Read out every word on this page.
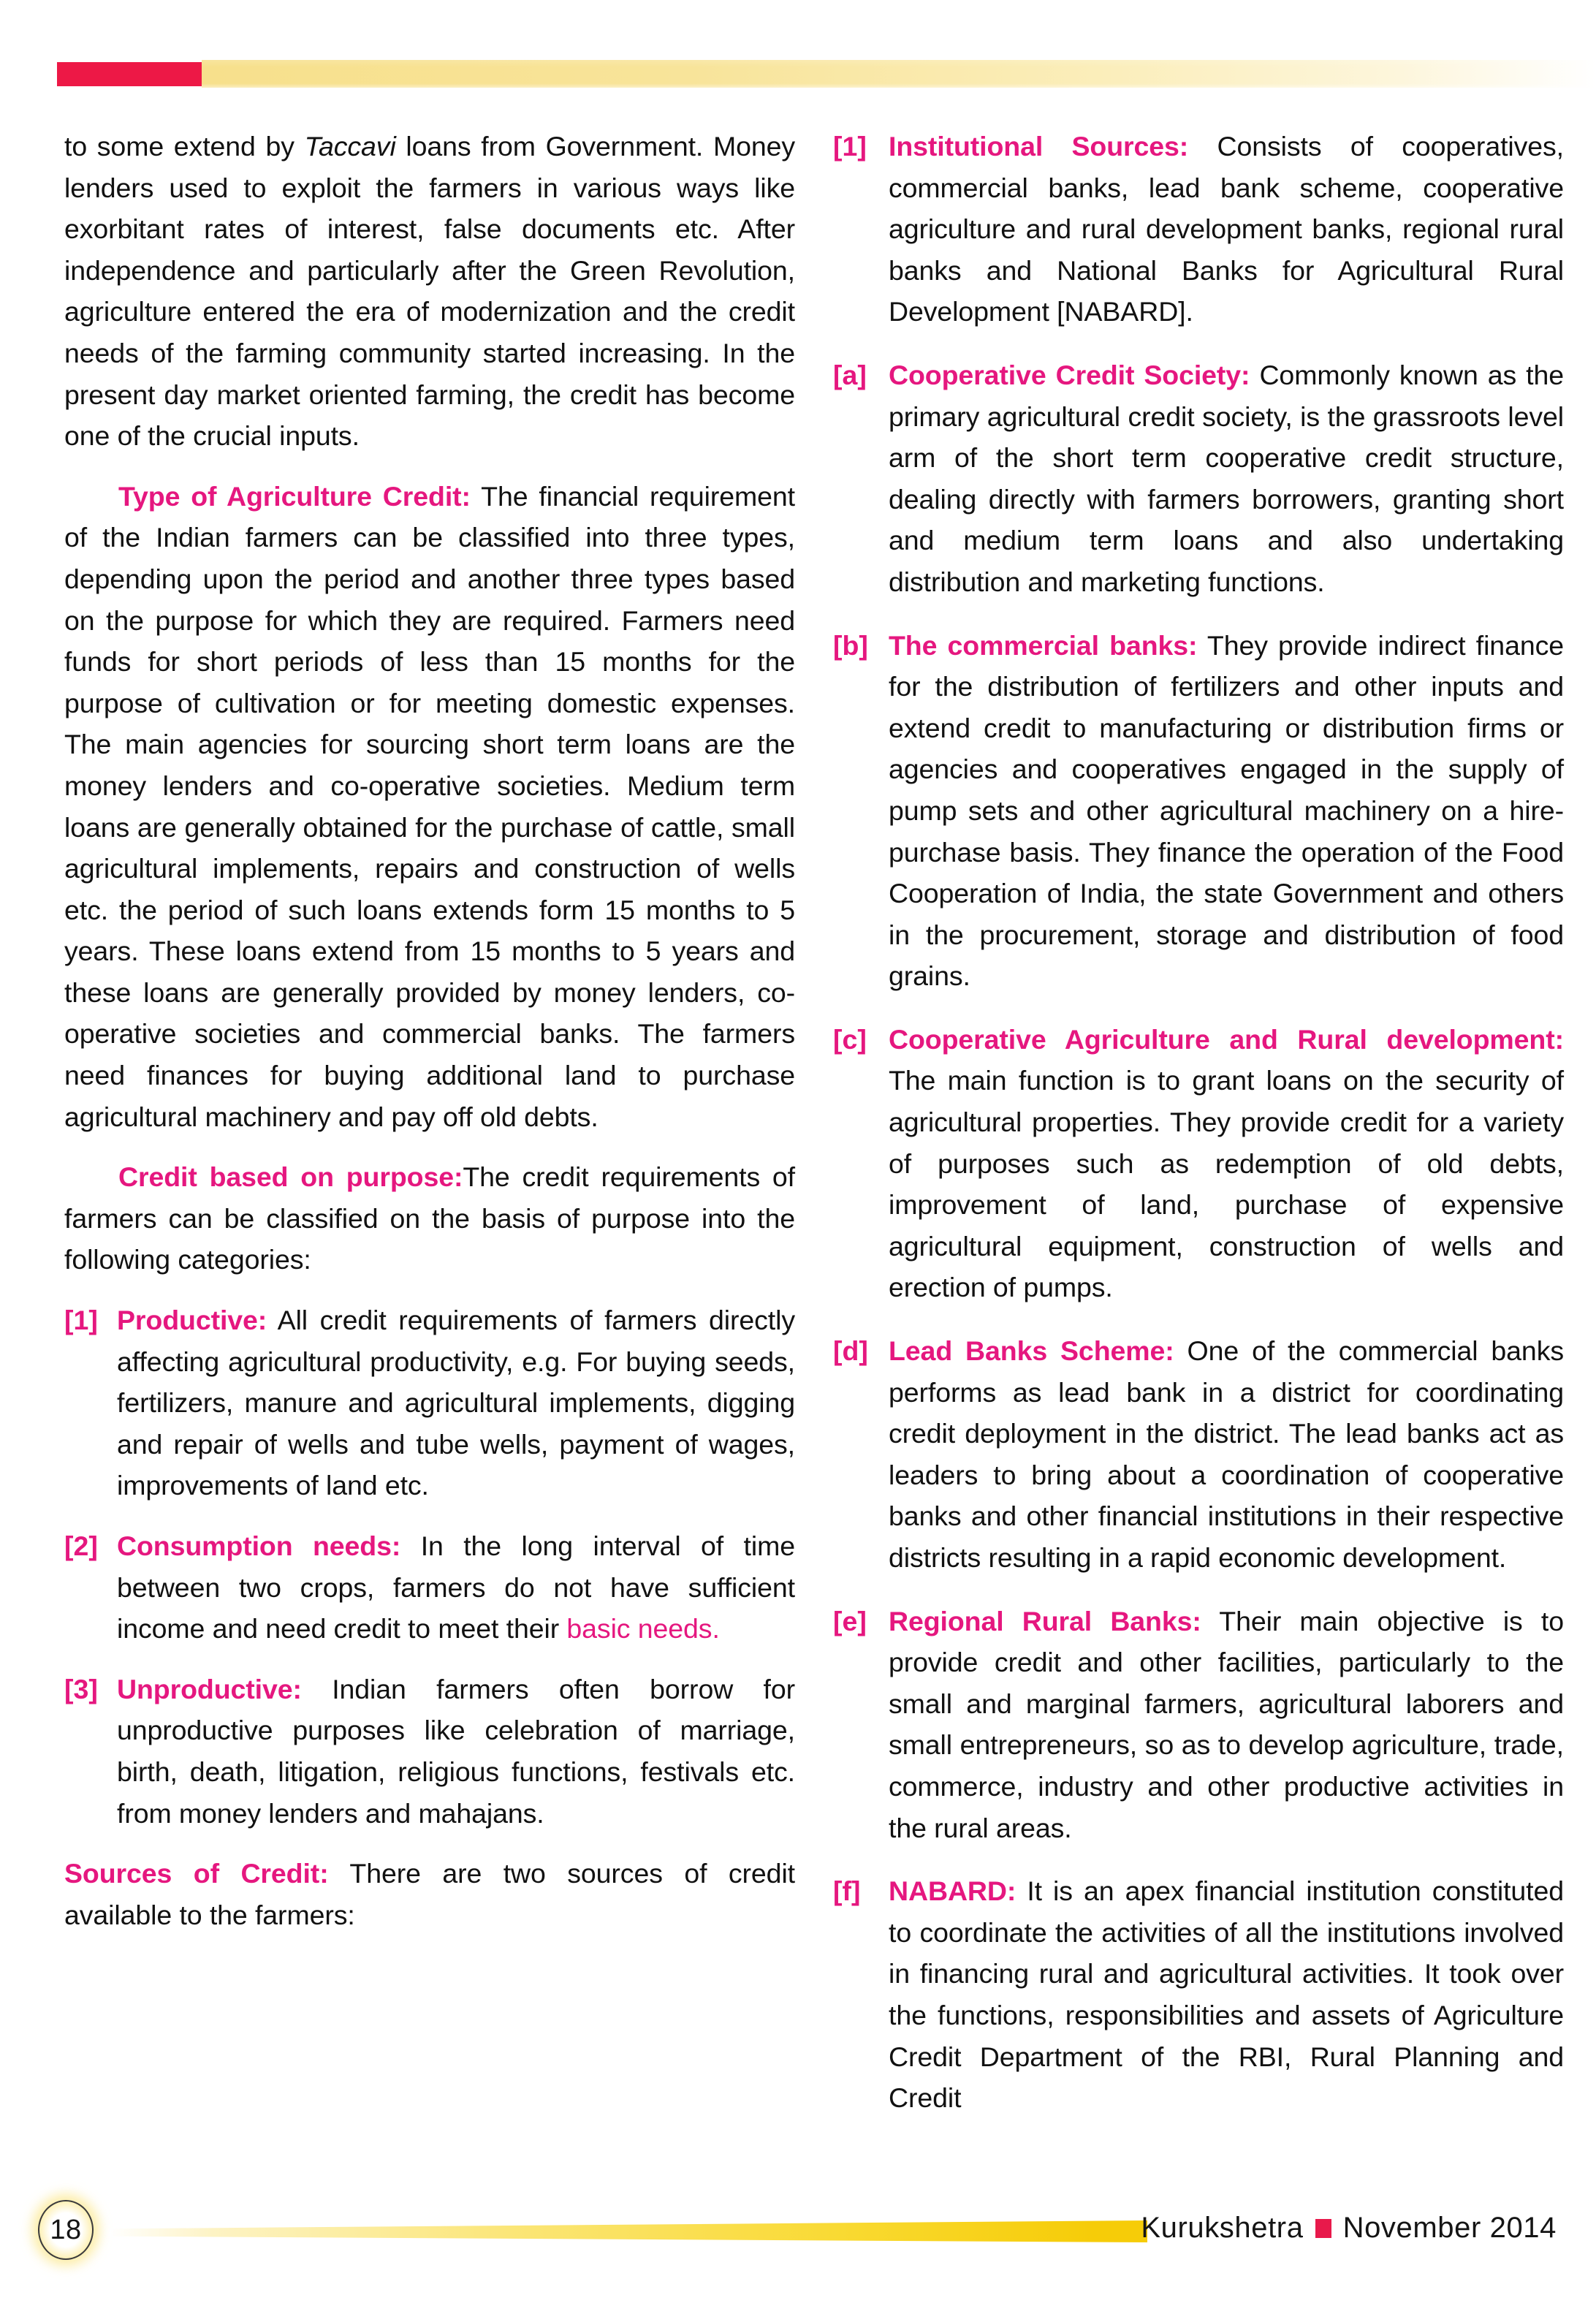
to some extend by Taccavi loans from Government. Money lenders used to exploit the farmers in various ways like exorbitant rates of interest, false documents etc. After independence and particularly after the Green Revolution, agriculture entered the era of modernization and the credit needs of the farming community started increasing. In the present day market oriented farming, the credit has become one of the crucial inputs.

Type of Agriculture Credit: The financial requirement of the Indian farmers can be classified into three types, depending upon the period and another three types based on the purpose for which they are required. Farmers need funds for short periods of less than 15 months for the purpose of cultivation or for meeting domestic expenses. The main agencies for sourcing short term loans are the money lenders and co-operative societies. Medium term loans are generally obtained for the purchase of cattle, small agricultural implements, repairs and construction of wells etc. the period of such loans extends form 15 months to 5 years. These loans extend from 15 months to 5 years and these loans are generally provided by money lenders, co-operative societies and commercial banks. The farmers need finances for buying additional land to purchase agricultural machinery and pay off old debts.

Credit based on purpose:The credit requirements of farmers can be classified on the basis of purpose into the following categories:

[1] Productive: All credit requirements of farmers directly affecting agricultural productivity, e.g. For buying seeds, fertilizers, manure and agricultural implements, digging and repair of wells and tube wells, payment of wages, improvements of land etc.
[2] Consumption needs: In the long interval of time between two crops, farmers do not have sufficient income and need credit to meet their basic needs.
[3] Unproductive: Indian farmers often borrow for unproductive purposes like celebration of marriage, birth, death, litigation, religious functions, festivals etc. from money lenders and mahajans.

Sources of Credit: There are two sources of credit available to the farmers:

[1] Institutional Sources: Consists of cooperatives, commercial banks, lead bank scheme, cooperative agriculture and rural development banks, regional rural banks and National Banks for Agricultural Rural Development [NABARD].
[a] Cooperative Credit Society: Commonly known as the primary agricultural credit society, is the grassroots level arm of the short term cooperative credit structure, dealing directly with farmers borrowers, granting short and medium term loans and also undertaking distribution and marketing functions.
[b] The commercial banks: They provide indirect finance for the distribution of fertilizers and other inputs and extend credit to manufacturing or distribution firms or agencies and cooperatives engaged in the supply of pump sets and other agricultural machinery on a hire-purchase basis. They finance the operation of the Food Cooperation of India, the state Government and others in the procurement, storage and distribution of food grains.
[c] Cooperative Agriculture and Rural development: The main function is to grant loans on the security of agricultural properties. They provide credit for a variety of purposes such as redemption of old debts, improvement of land, purchase of expensive agricultural equipment, construction of wells and erection of pumps.
[d] Lead Banks Scheme: One of the commercial banks performs as lead bank in a district for coordinating credit deployment in the district. The lead banks act as leaders to bring about a coordination of cooperative banks and other financial institutions in their respective districts resulting in a rapid economic development.
[e] Regional Rural Banks: Their main objective is to provide credit and other facilities, particularly to the small and marginal farmers, agricultural laborers and small entrepreneurs, so as to develop agriculture, trade, commerce, industry and other productive activities in the rural areas.
[f]	NABARD: It is an apex financial institution constituted to coordinate the activities of all the institutions involved in financing rural and agricultural activities. It took over the functions, responsibilities and assets of Agriculture Credit Department of the RBI, Rural Planning and Credit
18	Kurukshetra November 2014
